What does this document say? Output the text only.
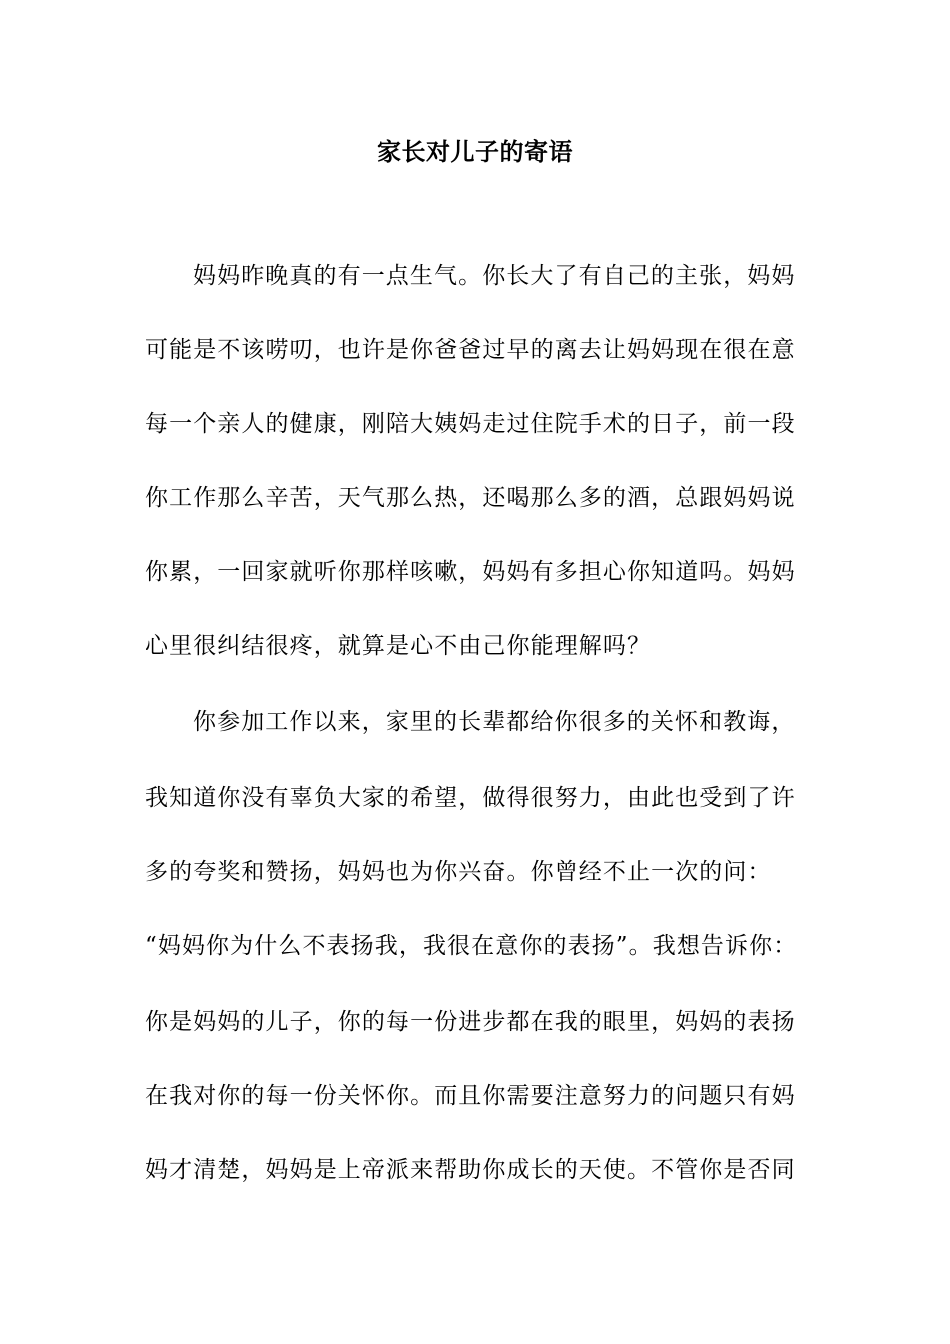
家长对儿子的寄语
妈妈昨晚真的有一点生气。你长大了有自己的主张，妈妈
可能是不该唠叨，也许是你爸爸过早的离去让妈妈现在很在意
每一个亲人的健康，刚陪大姨妈走过住院手术的日子，前一段
你工作那么辛苦，天气那么热，还喝那么多的酒，总跟妈妈说
你累，一回家就听你那样咳嗽，妈妈有多担心你知道吗。妈妈
心里很纠结很疼，就算是心不由己你能理解吗？
你参加工作以来，家里的长辈都给你很多的关怀和教诲，
我知道你没有辜负大家的希望，做得很努力，由此也受到了许
多的夸奖和赞扬，妈妈也为你兴奋。你曾经不止一次的问：
“妈妈你为什么不表扬我，我很在意你的表扬”。我想告诉你：
你是妈妈的儿子，你的每一份进步都在我的眼里，妈妈的表扬
在我对你的每一份关怀你。而且你需要注意努力的问题只有妈
妈才清楚，妈妈是上帝派来帮助你成长的天使。不管你是否同
